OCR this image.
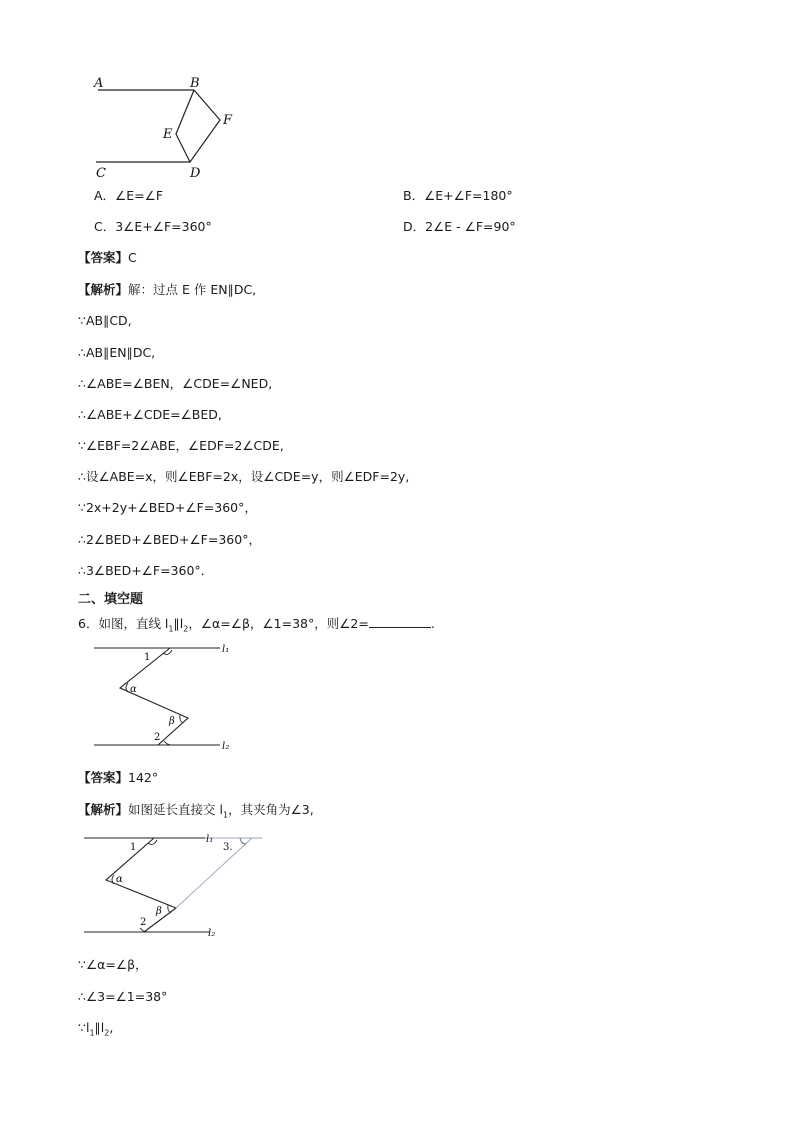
A	B
C	D
E
F
A．∠E=∠F	B．∠E+∠F=180°
C．3∠E+∠F=360°	D．2∠E - ∠F=90°
【答案】C
【解析】解：过点 E 作 EN∥DC,
∵AB∥CD,
∴AB∥EN∥DC,
∴∠ABE=∠BEN，∠CDE=∠NED,
∴∠ABE+∠CDE=∠BED,
∵∠EBF=2∠ABE，∠EDF=2∠CDE,
∴设∠ABE=x，则∠EBF=2x，设∠CDE=y，则∠EDF=2y,
∵2x+2y+∠BED+∠F=360°，
∴2∠BED+∠BED+∠F=360°，
∴3∠BED+∠F=360°．
二、填空题
6．如图，直线 $l_1\parallel l_2$，∠α=∠β，∠1=38°，则∠2=	.
1
α
β
2
l₁
l₂
【答案】142°
【解析】如图延长直接交 $l_1$，其夹角为∠3,
1
α
β
2
l₁
l₂
3.
∵∠α=∠β，
∴∠3=∠1=38°
$\because l_1\parallel l_2$,
